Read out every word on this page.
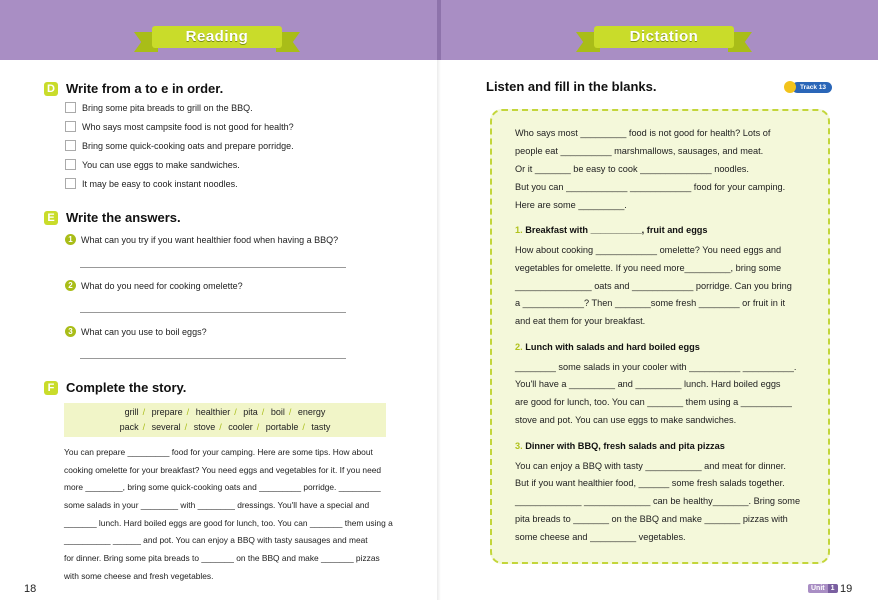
Reading	Dictation
D Write from a to e in order.
Bring some pita breads to grill on the BBQ.
Who says most campsite food is not good for health?
Bring some quick-cooking oats and prepare porridge.
You can use eggs to make sandwiches.
It may be easy to cook instant noodles.
E Write the answers.
1 What can you try if you want healthier food when having a BBQ?
2 What do you need for cooking omelette?
3 What can you use to boil eggs?
F Complete the story.
grill / prepare / healthier / pita / boil / energy
pack / several / stove / cooler / portable / tasty
You can prepare _________ food for your camping. Here are some tips. How about
cooking omelette for your breakfast? You need eggs and vegetables for it. If you need
more ________, bring some quick-cooking oats and _________ porridge. _________
some salads in your ________ with ________ dressings. You'll have a special and
_______ lunch. Hard boiled eggs are good for lunch, too. You can _______ them using a
__________ ______ and pot. You can enjoy a BBQ with tasty sausages and meat
for dinner. Bring some pita breads to _______ on the BBQ and make _______ pizzas
with some cheese and fresh vegetables.
18
Listen and fill in the blanks.	Track 13
Who says most _________ food is not good for health? Lots of
people eat __________ marshmallows, sausages, and meat.
Or it _______ be easy to cook ______________ noodles.
But you can ____________ ____________ food for your camping.
Here are some _________.
1. Breakfast with __________, fruit and eggs
How about cooking ____________ omelette? You need eggs and
vegetables for omelette. If you need more_________, bring some
_______________ oats and ____________ porridge. Can you bring
a ____________? Then _______some fresh ________ or fruit in it
and eat them for your breakfast.
2. Lunch with salads and hard boiled eggs
________ some salads in your cooler with __________ __________.
You'll have a _________ and _________ lunch. Hard boiled eggs
are good for lunch, too. You can _______ them using a __________
stove and pot. You can use eggs to make sandwiches.
3. Dinner with BBQ, fresh salads and pita pizzas
You can enjoy a BBQ with tasty ___________ and meat for dinner.
But if you want healthier food, ______ some fresh salads together.
_____________ _____________ can be healthy_______. Bring some
pita breads to _______ on the BBQ and make _______ pizzas with
some cheese and _________ vegetables.
Unit 1 19
